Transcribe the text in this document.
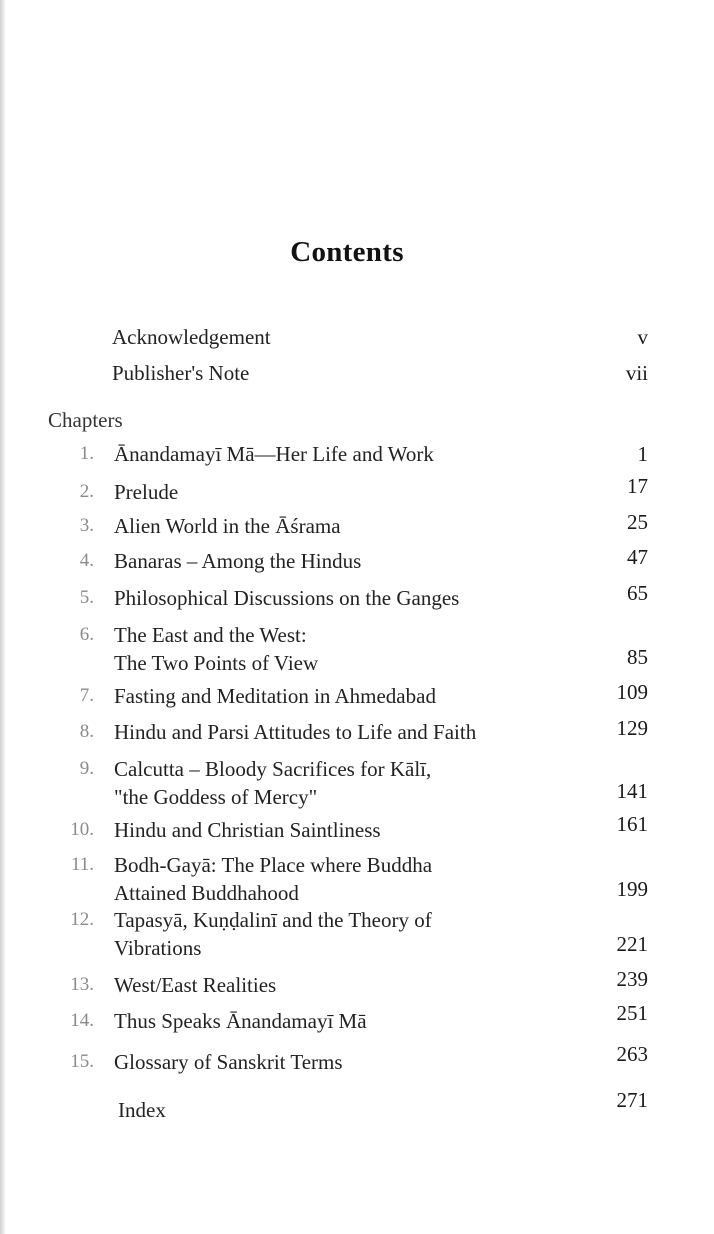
Contents
Acknowledgement	v
Publisher's Note	vii
Chapters
1. Ānandamayī Mā—Her Life and Work	1
2. Prelude	17
3. Alien World in the Āśrama	25
4. Banaras – Among the Hindus	47
5. Philosophical Discussions on the Ganges	65
6. The East and the West:
The Two Points of View	85
7. Fasting and Meditation in Ahmedabad	109
8. Hindu and Parsi Attitudes to Life and Faith	129
9. Calcutta – Bloody Sacrifices for Kālī,
"the Goddess of Mercy"	141
10. Hindu and Christian Saintliness	161
11. Bodh-Gayā: The Place where Buddha
Attained Buddhahood	199
12. Tapasyā, Kuṇḍalinī and the Theory of
Vibrations	221
13. West/East Realities	239
14. Thus Speaks Ānandamayī Mā	251
15. Glossary of Sanskrit Terms	263
Index	271
